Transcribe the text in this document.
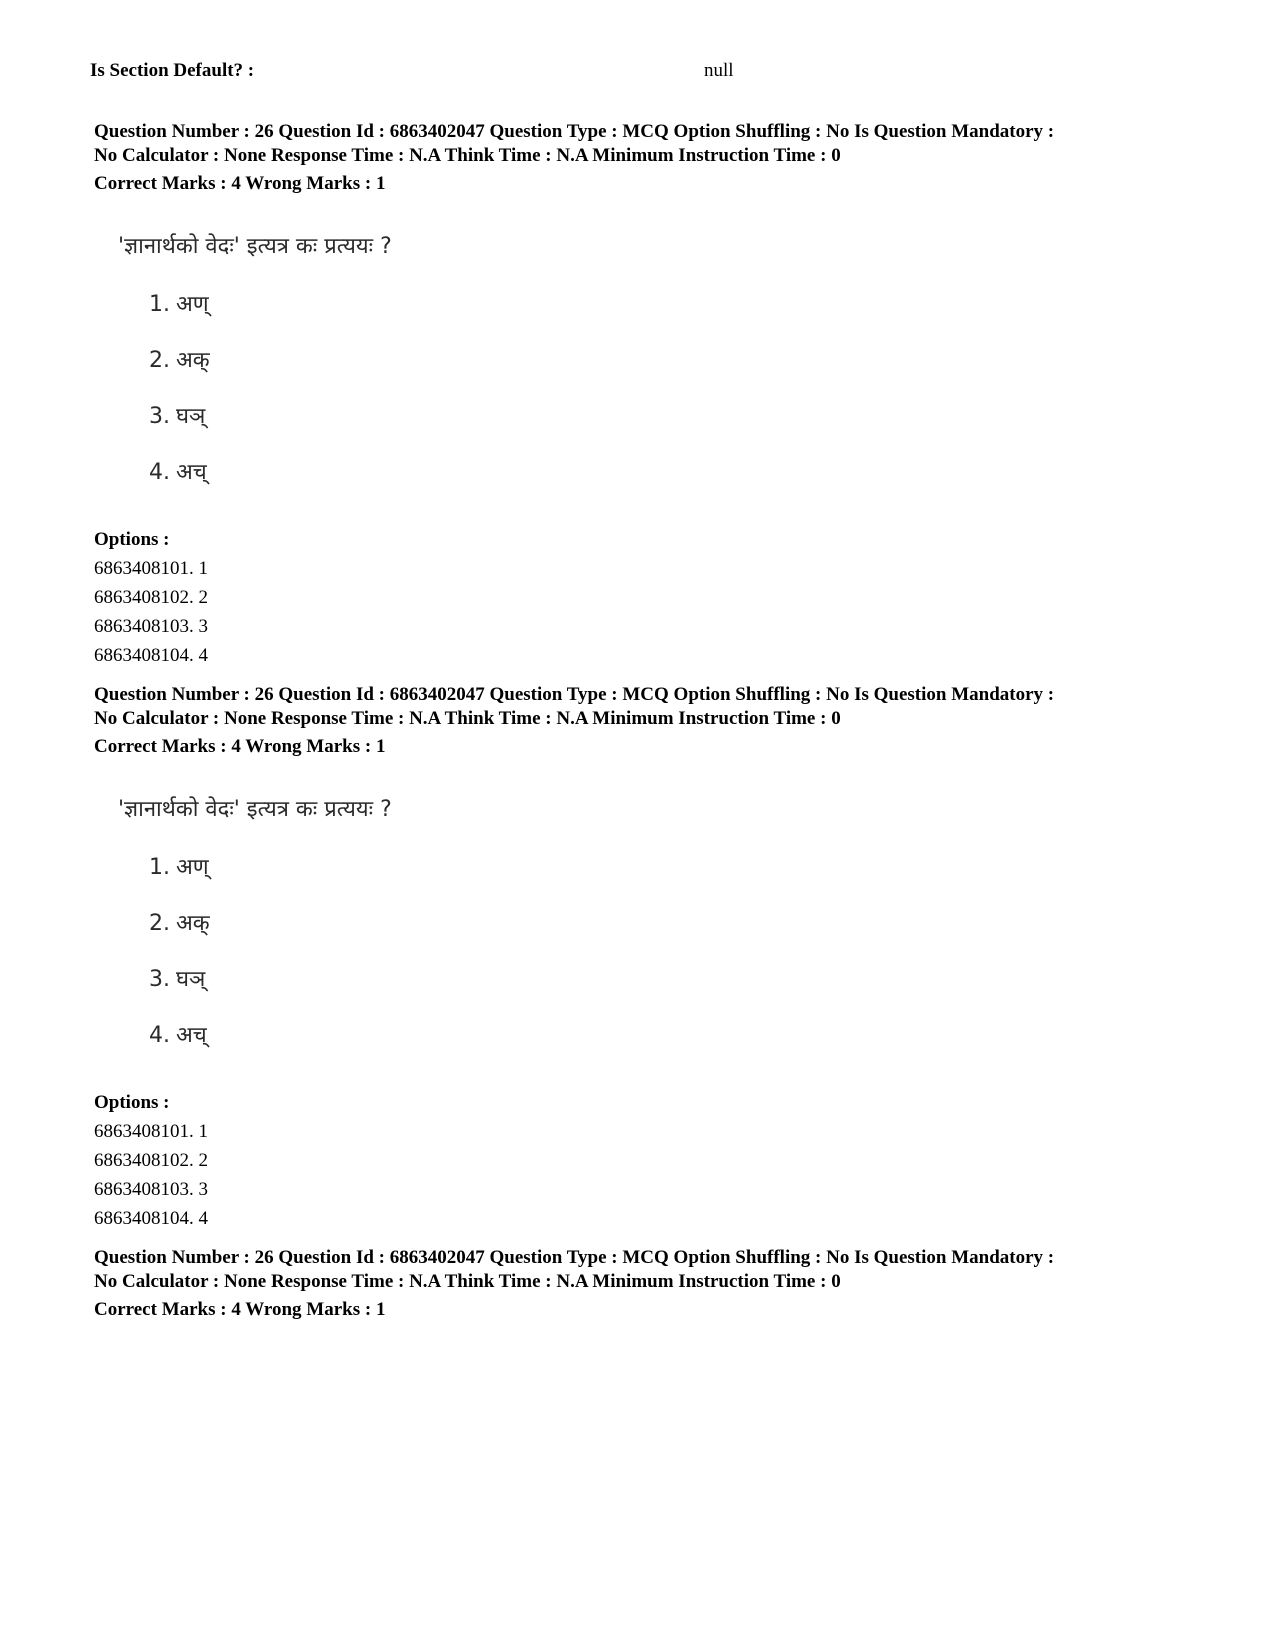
Is Section Default? :	null

Question Number : 26 Question Id : 6863402047 Question Type : MCQ Option Shuffling : No Is Question Mandatory :

No Calculator : None Response Time : N.A Think Time : N.A Minimum Instruction Time : 0

Correct Marks : 4 Wrong Marks : 1
'ज्ञानार्थको वेदः' इत्यत्र कः प्रत्ययः ?
1. अण्
2. अक्
3. घञ्
4. अच्
Options :
6863408101. 1
6863408102. 2
6863408103. 3
6863408104. 4

Question Number : 26 Question Id : 6863402047 Question Type : MCQ Option Shuffling : No Is Question Mandatory :

No Calculator : None Response Time : N.A Think Time : N.A Minimum Instruction Time : 0

Correct Marks : 4 Wrong Marks : 1
'ज्ञानार्थको वेदः' इत्यत्र कः प्रत्ययः ?
1. अण्
2. अक्
3. घञ्
4. अच्
Options :
6863408101. 1
6863408102. 2
6863408103. 3
6863408104. 4

Question Number : 26 Question Id : 6863402047 Question Type : MCQ Option Shuffling : No Is Question Mandatory :

No Calculator : None Response Time : N.A Think Time : N.A Minimum Instruction Time : 0

Correct Marks : 4 Wrong Marks : 1
